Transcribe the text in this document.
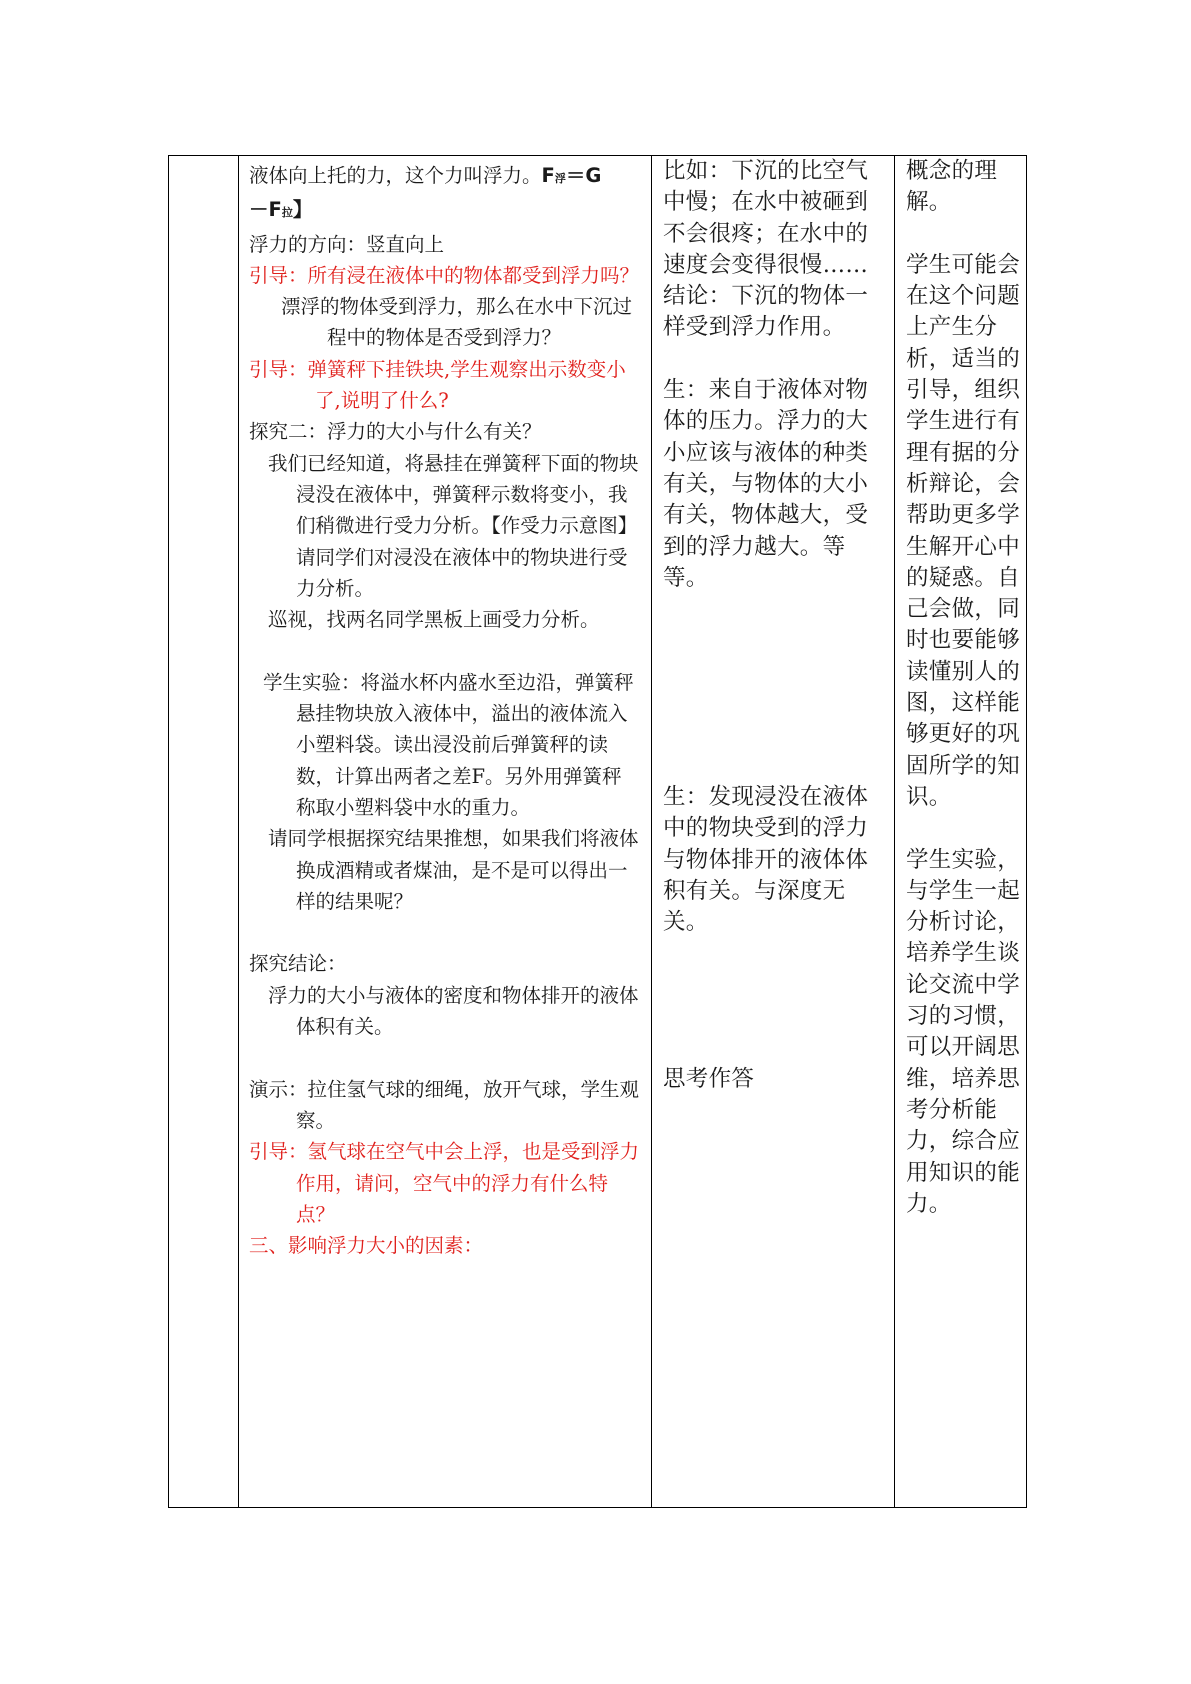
液体向上托的力，这个力叫浮力。F浮＝G
－F拉】

浮力的方向：竖直向上

引导：所有浸在液体中的物体都受到浮力吗？

漂浮的物体受到浮力，那么在水中下沉过程中的物体是否受到浮力？

引导：弹簧秤下挂铁块,学生观察出示数变小了,说明了什么?

探究二：浮力的大小与什么有关？

我们已经知道，将悬挂在弹簧秤下面的物块浸没在液体中，弹簧秤示数将变小，我们稍微进行受力分析。【作受力示意图】请同学们对浸没在液体中的物块进行受力分析。

巡视，找两名同学黑板上画受力分析。

学生实验：将溢水杯内盛水至边沿，弹簧秤悬挂物块放入液体中，溢出的液体流入小塑料袋。读出浸没前后弹簧秤的读数，计算出两者之差F。另外用弹簧秤称取小塑料袋中水的重力。

请同学根据探究结果推想，如果我们将液体换成酒精或者煤油，是不是可以得出一样的结果呢？

探究结论：

浮力的大小与液体的密度和物体排开的液体体积有关。

演示：拉住氢气球的细绳，放开气球，学生观察。

引导：氢气球在空气中会上浮，也是受到浮力作用，请问，空气中的浮力有什么特点？

三、影响浮力大小的因素：

比如：下沉的比空气中慢；在水中被砸到不会很疼；在水中的速度会变得很慢……

结论：下沉的物体一样受到浮力作用。

生：来自于液体对物体的压力。浮力的大小应该与液体的种类有关，与物体的大小有关，物体越大，受到的浮力越大。等等。

生：发现浸没在液体中的物块受到的浮力与物体排开的液体体积有关。与深度无关。

思考作答

概念的理解。

学生可能会在这个问题上产生分析，适当的引导，组织学生进行有理有据的分析辩论，会帮助更多学生解开心中的疑惑。自己会做，同时也要能够读懂别人的图，这样能够更好的巩固所学的知识。

学生实验，与学生一起分析讨论，培养学生谈论交流中学习的习惯，可以开阔思维，培养思考分析能力，综合应用知识的能力。
